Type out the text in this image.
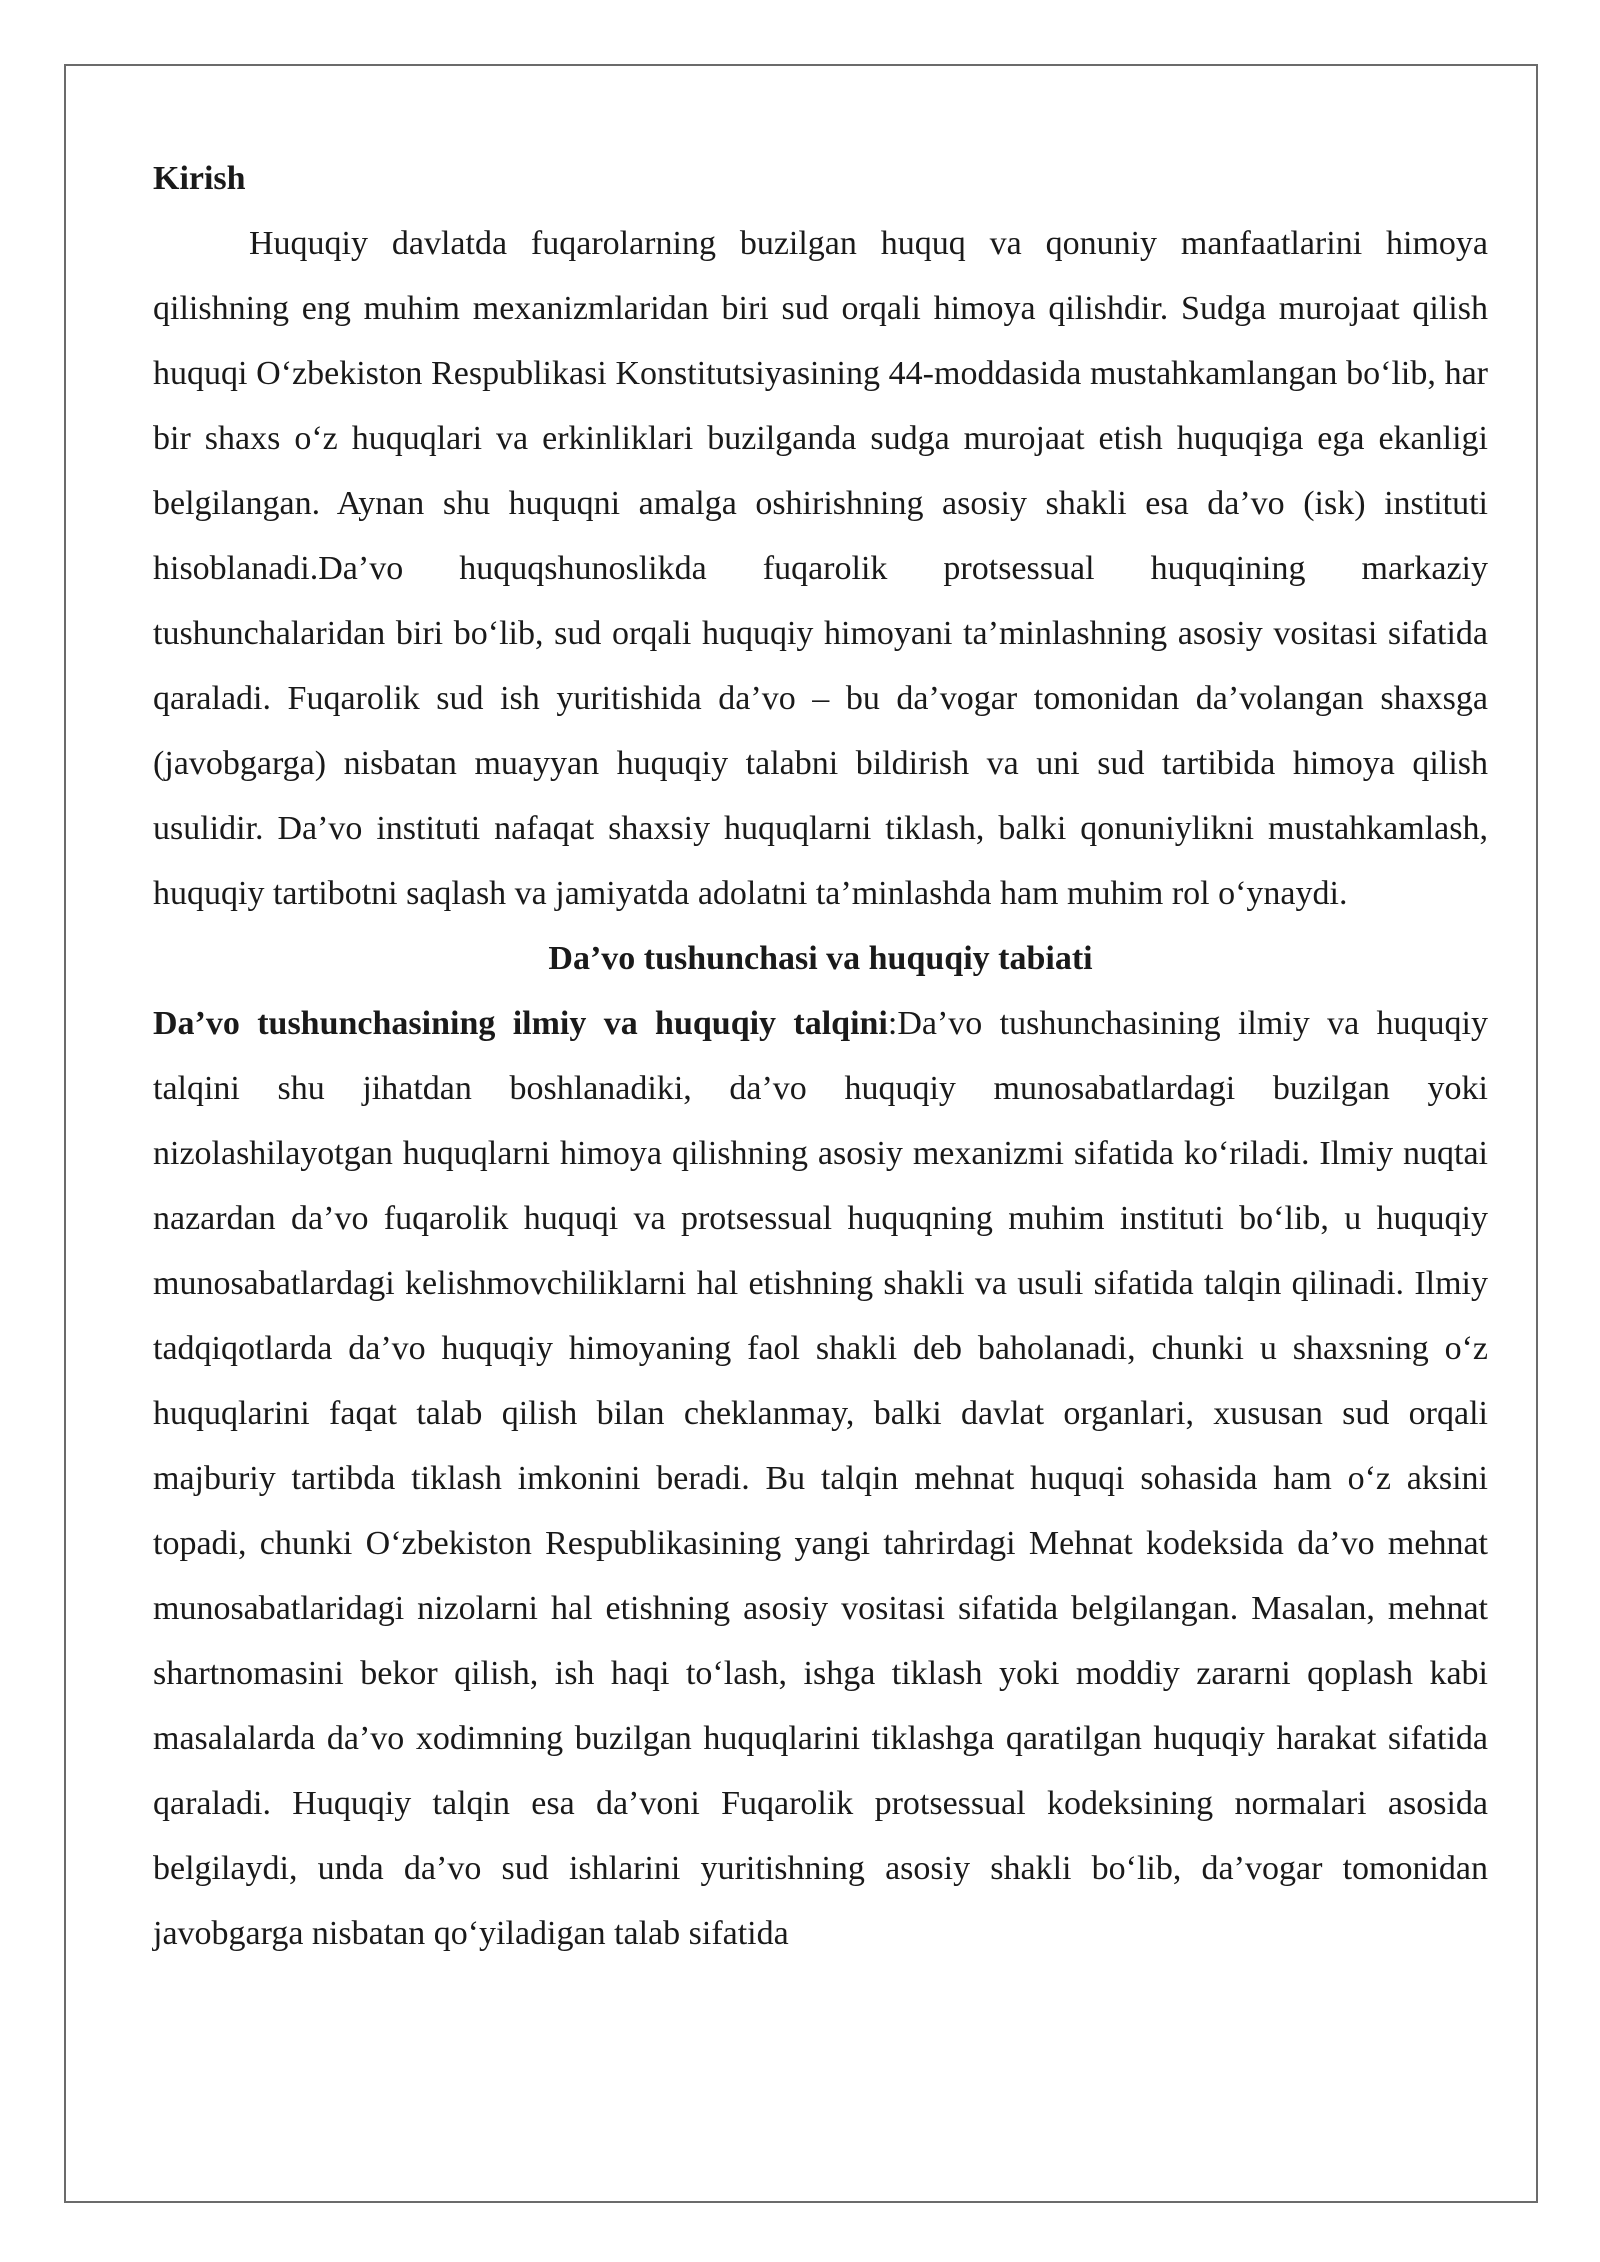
Kirish

Huquqiy davlatda fuqarolarning buzilgan huquq va qonuniy manfaatlarini himoya qilishning eng muhim mexanizmlaridan biri sud orqali himoya qilishdir. Sudga murojaat qilish huquqi O‘zbekiston Respublikasi Konstitutsiyasining 44-moddasida mustahkamlangan bo‘lib, har bir shaxs o‘z huquqlari va erkinliklari buzilganda sudga murojaat etish huquqiga ega ekanligi belgilangan. Aynan shu huquqni amalga oshirishning asosiy shakli esa da’vo (isk) instituti hisoblanadi.Da’vo huquqshunoslikda fuqarolik protsessual huquqining markaziy tushunchalaridan biri bo‘lib, sud orqali huquqiy himoyani ta’minlashning asosiy vositasi sifatida qaraladi. Fuqarolik sud ish yuritishida da’vo – bu da’vogar tomonidan da’volangan shaxsga (javobgarga) nisbatan muayyan huquqiy talabni bildirish va uni sud tartibida himoya qilish usulidir. Da’vo instituti nafaqat shaxsiy huquqlarni tiklash, balki qonuniylikni mustahkamlash, huquqiy tartibotni saqlash va jamiyatda adolatni ta’minlashda ham muhim rol o‘ynaydi.

Da’vo tushunchasi va huquqiy tabiati

Da’vo tushunchasining ilmiy va huquqiy talqini:Da’vo tushunchasining ilmiy va huquqiy talqini shu jihatdan boshlanadiki, da’vo huquqiy munosabatlardagi buzilgan yoki nizolashilayotgan huquqlarni himoya qilishning asosiy mexanizmi sifatida ko‘riladi. Ilmiy nuqtai nazardan da’vo fuqarolik huquqi va protsessual huquqning muhim instituti bo‘lib, u huquqiy munosabatlardagi kelishmovchiliklarni hal etishning shakli va usuli sifatida talqin qilinadi. Ilmiy tadqiqotlarda da’vo huquqiy himoyaning faol shakli deb baholanadi, chunki u shaxsning o‘z huquqlarini faqat talab qilish bilan cheklanmay, balki davlat organlari, xususan sud orqali majburiy tartibda tiklash imkonini beradi. Bu talqin mehnat huquqi sohasida ham o‘z aksini topadi, chunki O‘zbekiston Respublikasining yangi tahrirdagi Mehnat kodeksida da’vo mehnat munosabatlaridagi nizolarni hal etishning asosiy vositasi sifatida belgilangan. Masalan, mehnat shartnomasini bekor qilish, ish haqi to‘lash, ishga tiklash yoki moddiy zararni qoplash kabi masalalarda da’vo xodimning buzilgan huquqlarini tiklashga qaratilgan huquqiy harakat sifatida qaraladi. Huquqiy talqin esa da’voni Fuqarolik protsessual kodeksining normalari asosida belgilaydi, unda da’vo sud ishlarini yuritishning asosiy shakli bo‘lib, da’vogar tomonidan javobgarga nisbatan qo‘yiladigan talab sifatida
